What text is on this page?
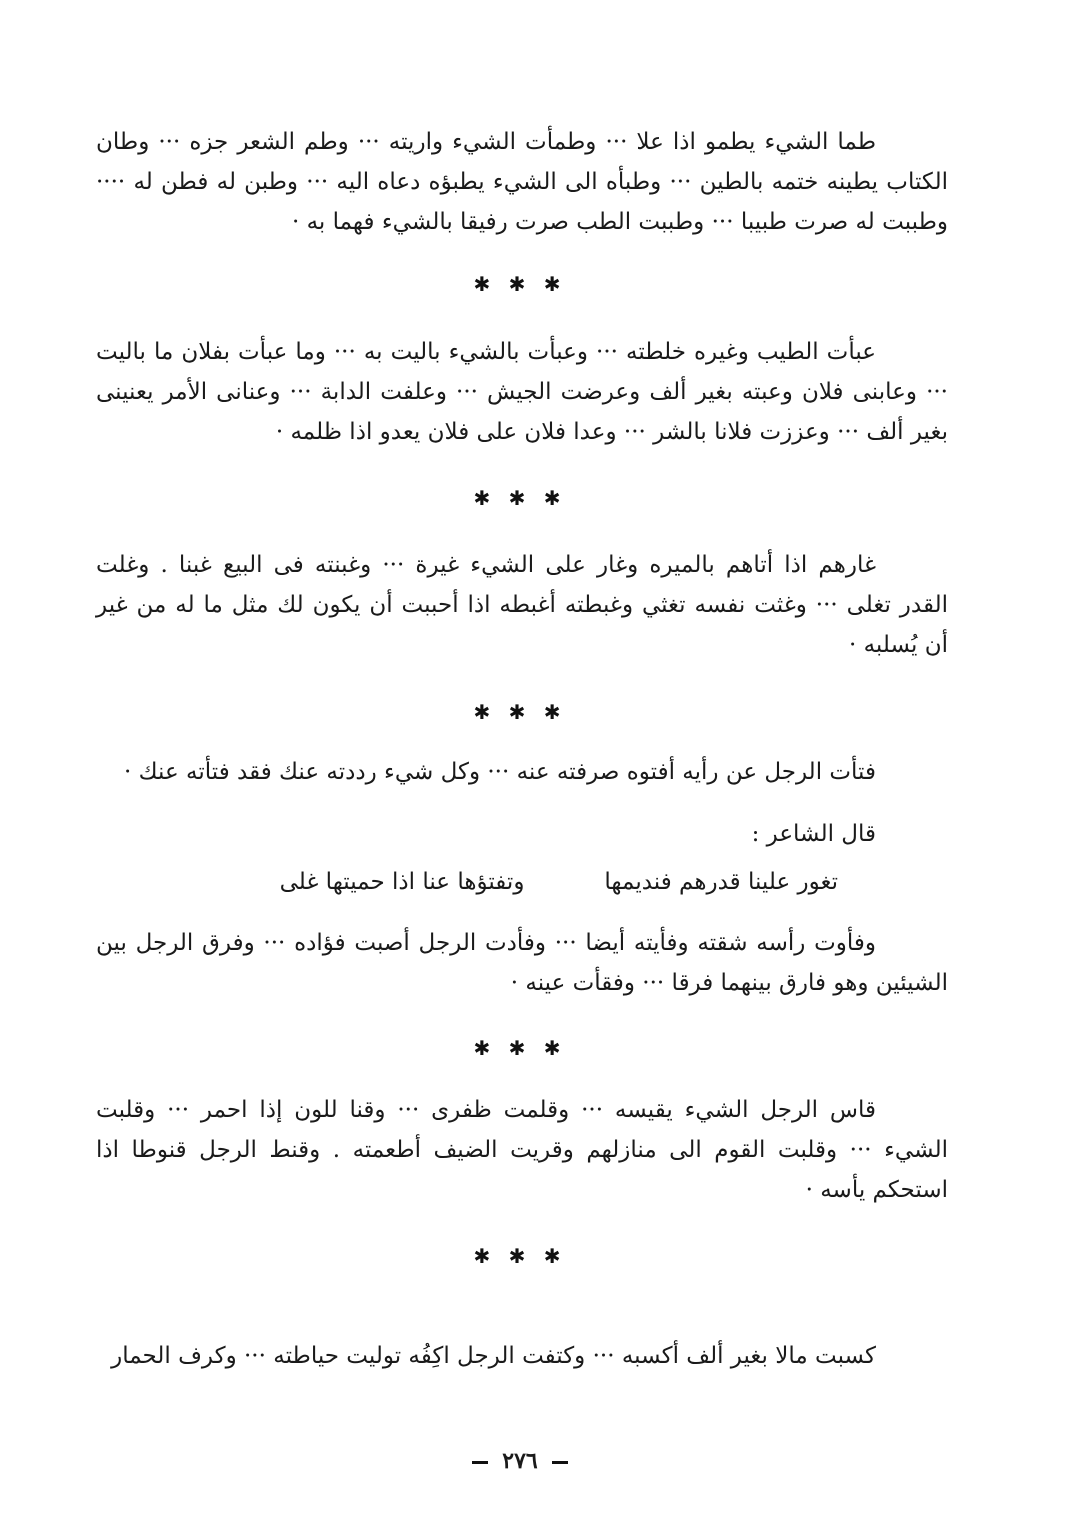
طما الشيء يطمو اذا علا ··· وطمأت الشيء واريته ··· وطم الشعر جزه ··· وطان الكتاب يطينه ختمه بالطين ··· وطبأه الى الشيء يطبؤه دعاه اليه ··· وطبن له فطن له ···· وطببت له صرت طبيبا ··· وطببت الطب صرت رفيقا بالشيء فهما به ·

✱ ✱ ✱

عبأت الطيب وغيره خلطته ··· وعبأت بالشيء باليت به ··· وما عبأت بفلان ما باليت ··· وعابنى فلان وعبته بغير ألف وعرضت الجيش ··· وعلفت الدابة ··· وعنانى الأمر يعنينى بغير ألف ··· وعززت فلانا بالشر ··· وعدا فلان على فلان يعدو اذا ظلمه ·

✱ ✱ ✱

غارهم اذا أتاهم بالميره وغار على الشيء غيرة ··· وغبنته فى البيع غبنا . وغلت القدر تغلى ··· وغثت نفسه تغثي وغبطته أغبطه اذا أحببت أن يكون لك مثل ما له من غير أن يُسلبه ·

✱ ✱ ✱

فتأت الرجل عن رأيه أفتوه صرفته عنه ··· وكل شيء رددته عنك فقد فتأته عنك ·

قال الشاعر :

تغور علينا قدرهم فنديمهاوتفتؤها عنا اذا حميتها غلى

وفأوت رأسه شقته وفأيته أيضا ··· وفأدت الرجل أصبت فؤاده ··· وفرق الرجل بين الشيئين وهو فارق بينهما فرقا ··· وفقأت عينه ·

✱ ✱ ✱

قاس الرجل الشيء يقيسه ··· وقلمت ظفرى ··· وقنا للون إذا احمر ··· وقلبت الشيء ··· وقلبت القوم الى منازلهم وقريت الضيف أطعمته . وقنط الرجل قنوطا اذا استحكم يأسه ·

✱ ✱ ✱

كسبت مالا بغير ألف أكسبه ··· وكتفت الرجل اكِفُه توليت حياطته ··· وكرف الحمار

٢٧٦
